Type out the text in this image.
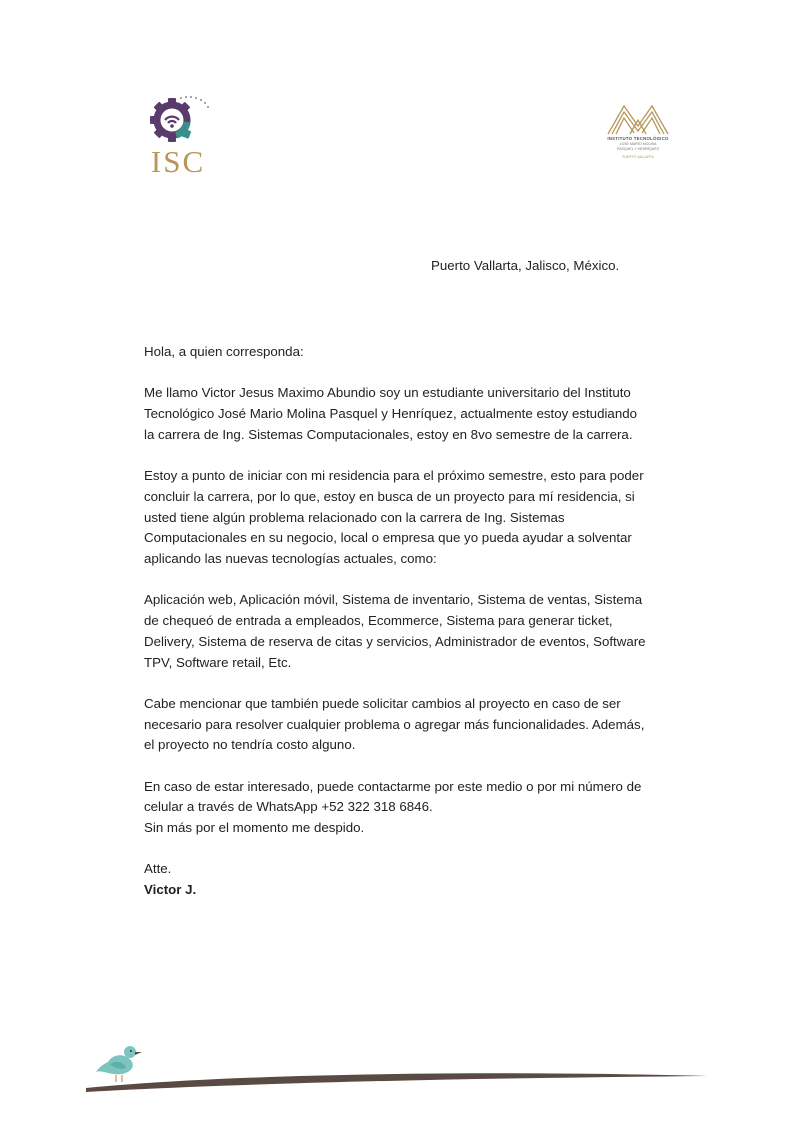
ISC
INSTITUTO TECNOLÓGICO
JOSÉ MARIO MOLINA
PASQUEL Y HENRÍQUEZ
PUERTO VALLARTA
Puerto Vallarta, Jalisco, México.

Hola, a quien corresponda:

Me llamo Victor Jesus Maximo Abundio soy un estudiante universitario del Instituto

Tecnológico José Mario Molina Pasquel y Henríquez, actualmente estoy estudiando

la carrera de Ing. Sistemas Computacionales, estoy en 8vo semestre de la carrera.

Estoy a punto de iniciar con mi residencia para el próximo semestre, esto para poder

concluir la carrera, por lo que, estoy en busca de un proyecto para mí residencia, si

usted tiene algún problema relacionado con la carrera de Ing. Sistemas

Computacionales en su negocio, local o empresa que yo pueda ayudar a solventar

aplicando las nuevas tecnologías actuales, como:

Aplicación web, Aplicación móvil, Sistema de inventario, Sistema de ventas, Sistema

de chequeó de entrada a empleados, Ecommerce, Sistema para generar ticket,

Delivery, Sistema de reserva de citas y servicios, Administrador de eventos, Software

TPV, Software retail, Etc.

Cabe mencionar que también puede solicitar cambios al proyecto en caso de ser

necesario para resolver cualquier problema o agregar más funcionalidades. Además,

el proyecto no tendría costo alguno.

En caso de estar interesado, puede contactarme por este medio o por mi número de

celular a través de WhatsApp +52 322 318 6846.

Sin más por el momento me despido.

Atte.

Victor J.
